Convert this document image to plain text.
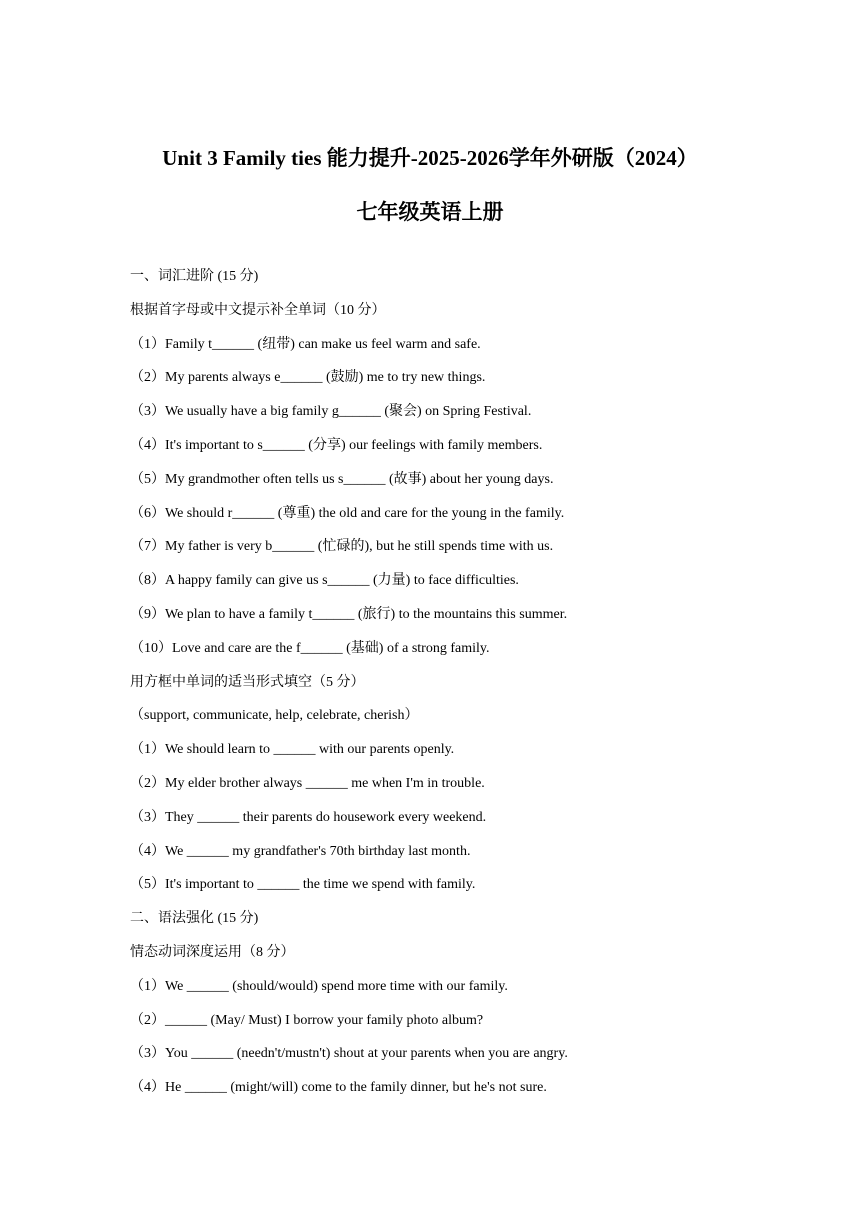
Unit 3 Family ties 能力提升-2025-2026学年外研版（2024）
七年级英语上册
一、词汇进阶 (15 分)
根据首字母或中文提示补全单词（10 分）
（1）Family t______ (纽带) can make us feel warm and safe.
（2）My parents always e______ (鼓励) me to try new things.
（3）We usually have a big family g______ (聚会) on Spring Festival.
（4）It's important to s______ (分享) our feelings with family members.
（5）My grandmother often tells us s______ (故事) about her young days.
（6）We should r______ (尊重) the old and care for the young in the family.
（7）My father is very b______ (忙碌的), but he still spends time with us.
（8）A happy family can give us s______ (力量) to face difficulties.
（9）We plan to have a family t______ (旅行) to the mountains this summer.
（10）Love and care are the f______ (基础) of a strong family.
用方框中单词的适当形式填空（5 分）
（support, communicate, help, celebrate, cherish）
（1）We should learn to ______ with our parents openly.
（2）My elder brother always ______ me when I'm in trouble.
（3）They ______ their parents do housework every weekend.
（4）We ______ my grandfather's 70th birthday last month.
（5）It's important to ______ the time we spend with family.
二、语法强化 (15 分)
情态动词深度运用（8 分）
（1）We ______ (should/would) spend more time with our family.
（2）______ (May/ Must) I borrow your family photo album?
（3）You ______ (needn't/mustn't) shout at your parents when you are angry.
（4）He ______ (might/will) come to the family dinner, but he's not sure.
